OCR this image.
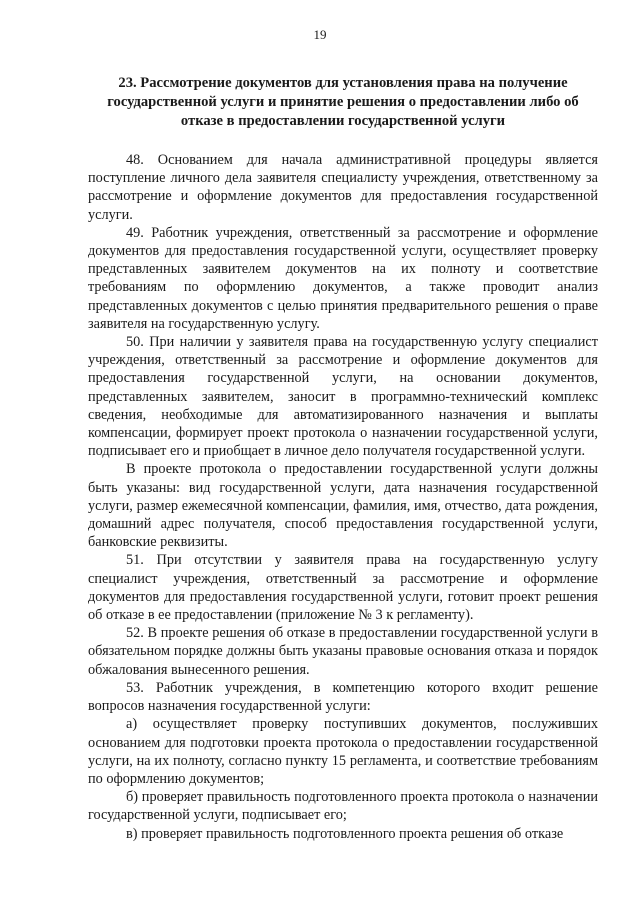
19
23. Рассмотрение документов для установления права на получение государственной услуги и принятие решения о предоставлении либо об отказе в предоставлении государственной услуги

48. Основанием для начала административной процедуры является поступление личного дела заявителя специалисту учреждения, ответственному за рассмотрение и оформление документов для предоставления государственной услуги.

49. Работник учреждения, ответственный за рассмотрение и оформление документов для предоставления государственной услуги, осуществляет проверку представленных заявителем документов на их полноту и соответствие требованиям по оформлению документов, а также проводит анализ представленных документов с целью принятия предварительного решения о праве заявителя на государственную услугу.

50. При наличии у заявителя права на государственную услугу специалист учреждения, ответственный за рассмотрение и оформление документов для предоставления государственной услуги, на основании документов, представленных заявителем, заносит в программно-технический комплекс сведения, необходимые для автоматизированного назначения и выплаты компенсации, формирует проект протокола о назначении государственной услуги, подписывает его и приобщает в личное дело получателя государственной услуги.

В проекте протокола о предоставлении государственной услуги должны быть указаны: вид государственной услуги, дата назначения государственной услуги, размер ежемесячной компенсации, фамилия, имя, отчество, дата рождения, домашний адрес получателя, способ предоставления государственной услуги, банковские реквизиты.

51. При отсутствии у заявителя права на государственную услугу специалист учреждения, ответственный за рассмотрение и оформление документов для предоставления государственной услуги, готовит проект решения об отказе в ее предоставлении (приложение № 3 к регламенту).

52. В проекте решения об отказе в предоставлении государственной услуги в обязательном порядке должны быть указаны правовые основания отказа и порядок обжалования вынесенного решения.

53. Работник учреждения, в компетенцию которого входит решение вопросов назначения государственной услуги:

а) осуществляет проверку поступивших документов, послуживших основанием для подготовки проекта протокола о предоставлении государственной услуги, на их полноту, согласно пункту 15 регламента, и соответствие требованиям по оформлению документов;

б) проверяет правильность подготовленного проекта протокола о назначении государственной услуги, подписывает его;

в) проверяет правильность подготовленного проекта решения об отказе
